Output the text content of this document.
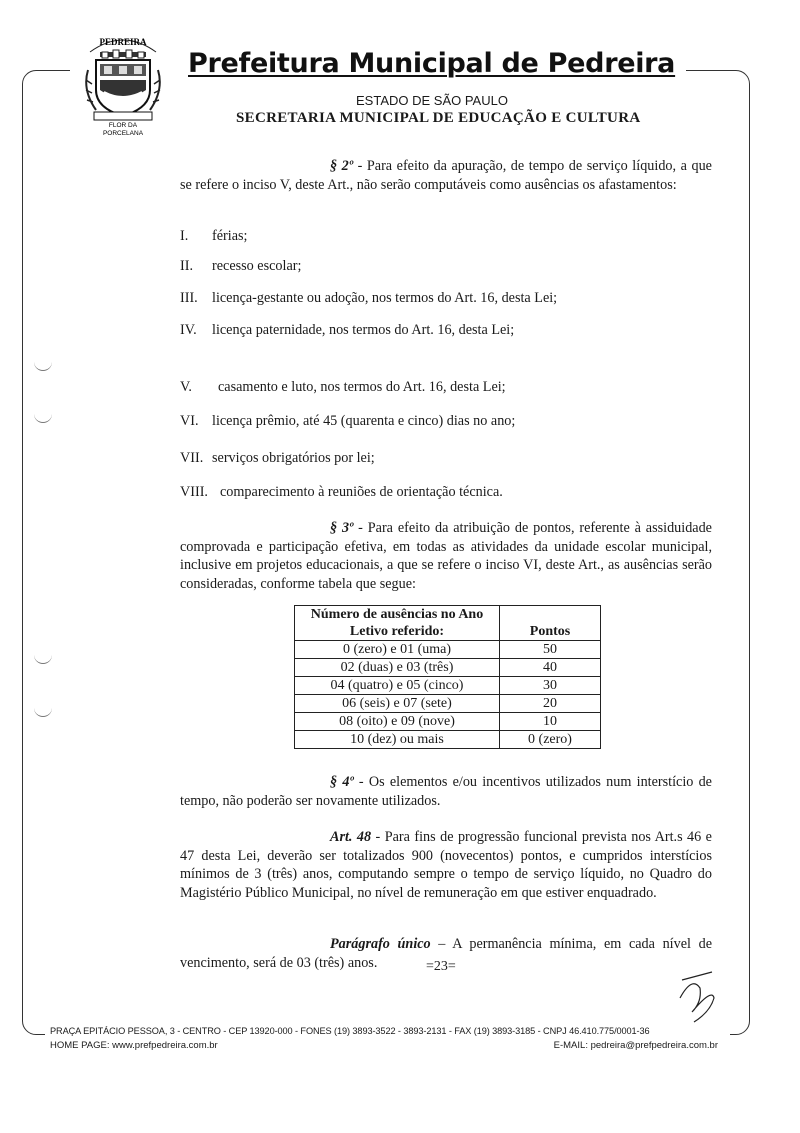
PEDREIRA
FLOR DA
PORCELANA
Prefeitura Municipal de Pedreira
ESTADO DE SÃO PAULO
SECRETARIA MUNICIPAL DE EDUCAÇÃO E CULTURA
§ 2º - Para efeito da apuração, de tempo de serviço líquido, a que se refere o inciso V, deste Art., não serão computáveis como ausências os afastamentos:
I. férias;
II. recesso escolar;
III. licença-gestante ou adoção, nos termos do Art. 16, desta Lei;
IV. licença paternidade, nos termos do Art. 16, desta Lei;
V. casamento e luto, nos termos do Art. 16, desta Lei;
VI. licença prêmio, até 45 (quarenta e cinco) dias no ano;
VII. serviços obrigatórios por lei;
VIII. comparecimento à reuniões de orientação técnica.
§ 3º - Para efeito da atribuição de pontos, referente à assiduidade comprovada e participação efetiva, em todas as atividades da unidade escolar municipal, inclusive em projetos educacionais, a que se refere o inciso VI, deste Art., as ausências serão consideradas, conforme tabela que segue:
Número de ausências no Ano Letivo referido:	Pontos
0 (zero) e 01 (uma)	50
02 (duas) e 03 (três)	40
04 (quatro) e 05 (cinco)	30
06 (seis) e 07 (sete)	20
08 (oito) e 09 (nove)	10
10 (dez) ou mais	0 (zero)
§ 4º - Os elementos e/ou incentivos utilizados num interstício de tempo, não poderão ser novamente utilizados.
Art. 48 - Para fins de progressão funcional prevista nos Art.s 46 e 47 desta Lei, deverão ser totalizados 900 (novecentos) pontos, e cumpridos interstícios mínimos de 3 (três) anos, computando sempre o tempo de serviço líquido, no Quadro do Magistério Público Municipal, no nível de remuneração em que estiver enquadrado.
Parágrafo único – A permanência mínima, em cada nível de vencimento, será de 03 (três) anos.	=23=
PRAÇA EPITÁCIO PESSOA, 3 - CENTRO - CEP 13920-000 - FONES (19) 3893-3522 - 3893-2131 - FAX (19) 3893-3185 - CNPJ 46.410.775/0001-36
HOME PAGE: www.prefpedreira.com.br	E-MAIL: pedreira@prefpedreira.com.br
